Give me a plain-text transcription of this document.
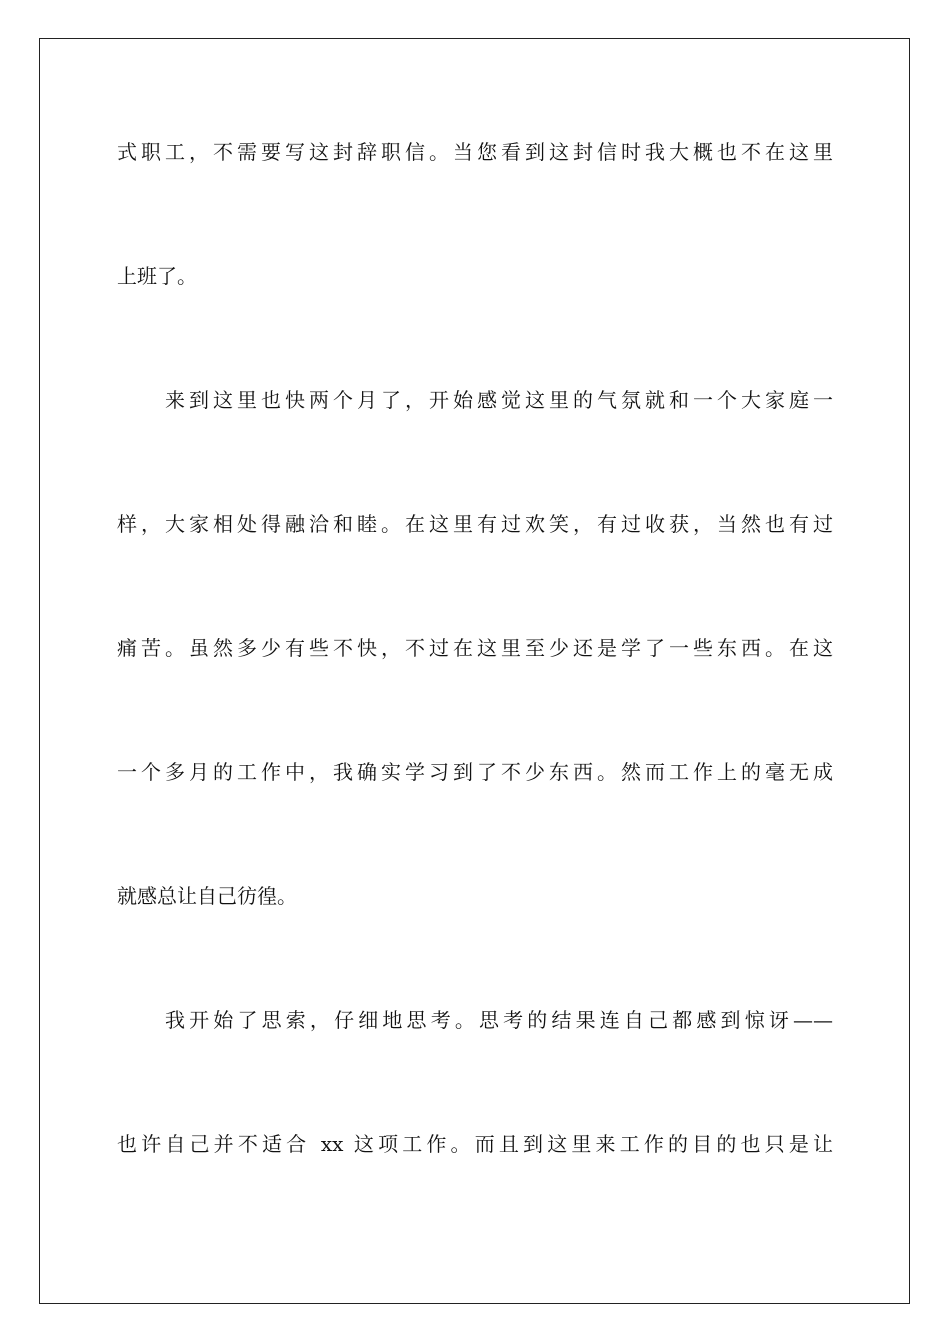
式职工，不需要写这封辞职信。当您看到这封信时我大概也不在这里
上班了。
来到这里也快两个月了，开始感觉这里的气氛就和一个大家庭一
样，大家相处得融洽和睦。在这里有过欢笑，有过收获，当然也有过
痛苦。虽然多少有些不快，不过在这里至少还是学了一些东西。在这
一个多月的工作中，我确实学习到了不少东西。然而工作上的毫无成
就感总让自己彷徨。
我开始了思索，仔细地思考。思考的结果连自己都感到惊讶——
也许自己并不适合 xx 这项工作。而且到这里来工作的目的也只是让
